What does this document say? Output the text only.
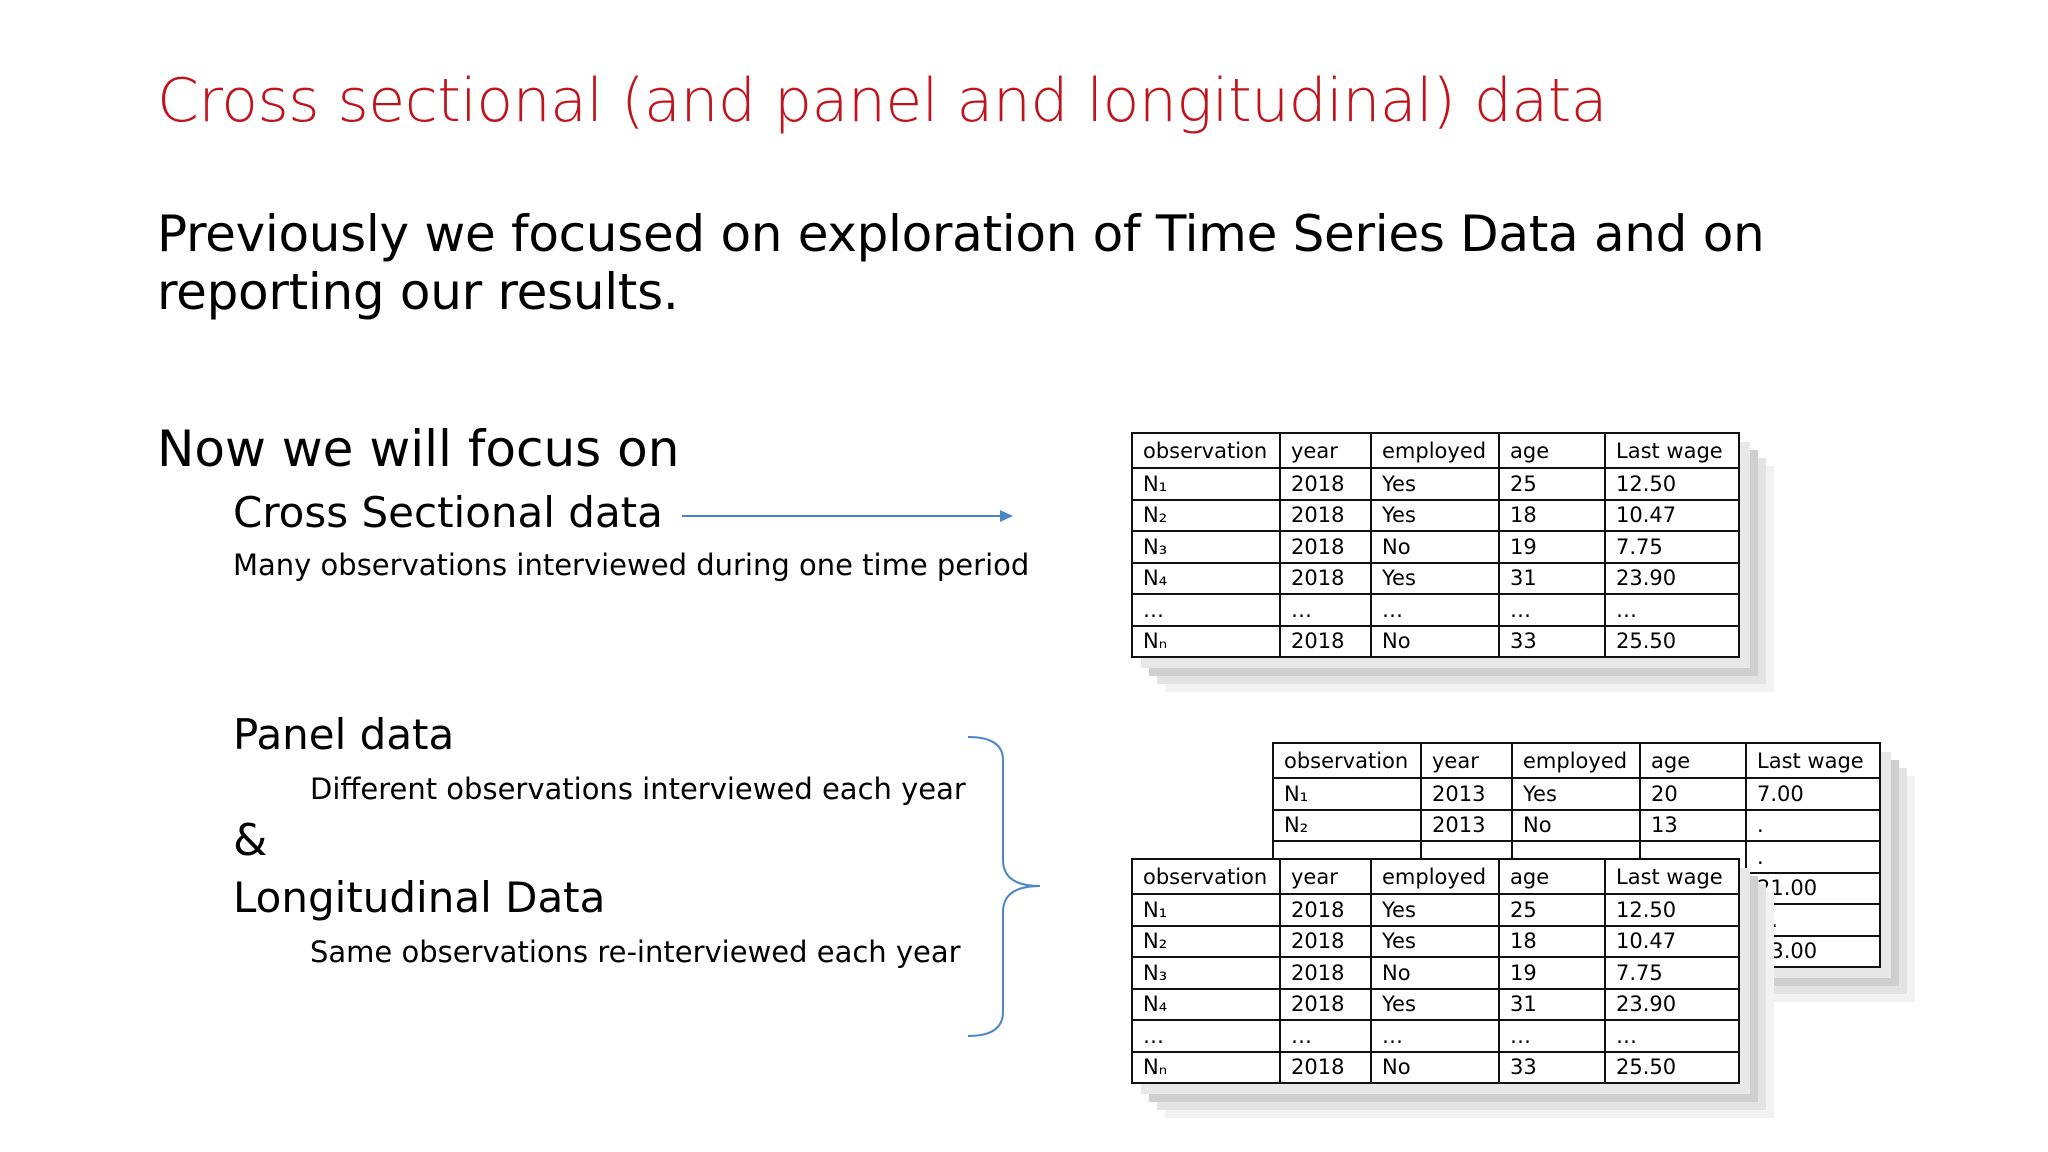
Cross sectional (and panel and longitudinal) data
Previously we focused on exploration of Time Series Data and on
reporting our results.
Now we will focus on
Cross Sectional data
Many observations interviewed during one time period
Panel data
Different observations interviewed each year
&
Longitudinal Data
Same observations re-interviewed each year
observation	year	employed	age	Last wage
N₁	2018	Yes	25	12.50
N₂	2018	Yes	18	10.47
N₃	2018	No	19	7.75
N₄	2018	Yes	31	23.90
…	…	…	…	…
Nₙ	2018	No	33	25.50
observation	year	employed	age	Last wage
N₁	2013	Yes	20	7.00
N₂	2013	No	13	.
				.
				21.00
				…
				13.00
observation	year	employed	age	Last wage
N₁	2018	Yes	25	12.50
N₂	2018	Yes	18	10.47
N₃	2018	No	19	7.75
N₄	2018	Yes	31	23.90
…	…	…	…	…
Nₙ	2018	No	33	25.50
